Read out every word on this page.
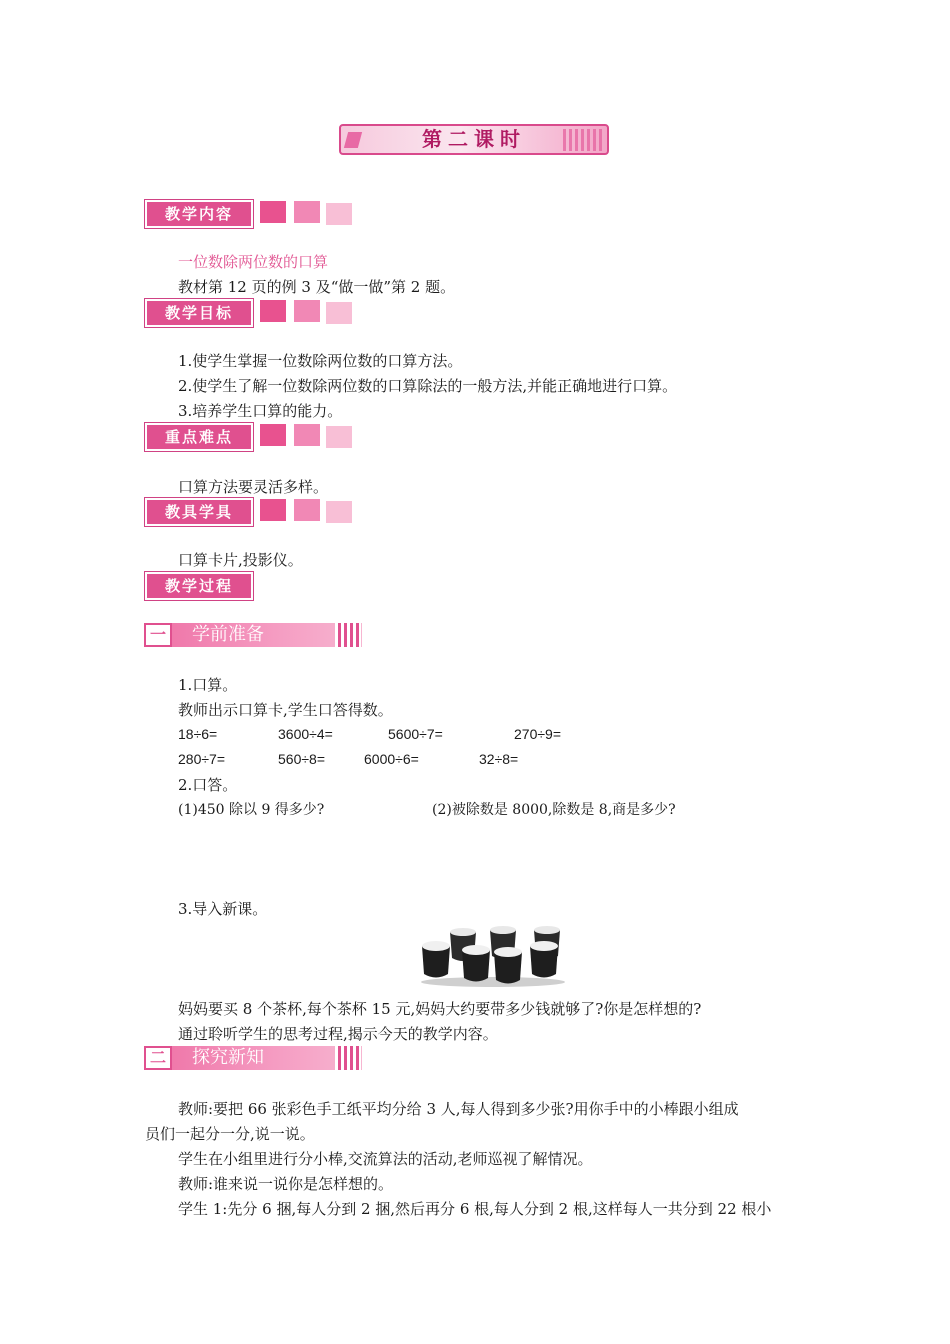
第二课时
教学内容
一位数除两位数的口算
教材第 12 页的例 3 及“做一做”第 2 题。
教学目标
1.使学生掌握一位数除两位数的口算方法。
2.使学生了解一位数除两位数的口算除法的一般方法,并能正确地进行口算。
3.培养学生口算的能力。
重点难点
口算方法要灵活多样。
教具学具
口算卡片,投影仪。
教学过程
一	学前准备
1.口算。
教师出示口算卡,学生口答得数。
18÷6=	3600÷4=	5600÷7=	270÷9=
280÷7=	560÷8=	6000÷6=	32÷8=
2.口答。
(1)450 除以 9 得多少?	(2)被除数是 8000,除数是 8,商是多少?
3.导入新课。
妈妈要买 8 个茶杯,每个茶杯 15 元,妈妈大约要带多少钱就够了?你是怎样想的?
通过聆听学生的思考过程,揭示今天的教学内容。
二	探究新知
教师:要把 66 张彩色手工纸平均分给 3 人,每人得到多少张?用你手中的小棒跟小组成
员们一起分一分,说一说。
学生在小组里进行分小棒,交流算法的活动,老师巡视了解情况。
教师:谁来说一说你是怎样想的。
学生 1:先分 6 捆,每人分到 2 捆,然后再分 6 根,每人分到 2 根,这样每人一共分到 22 根小
